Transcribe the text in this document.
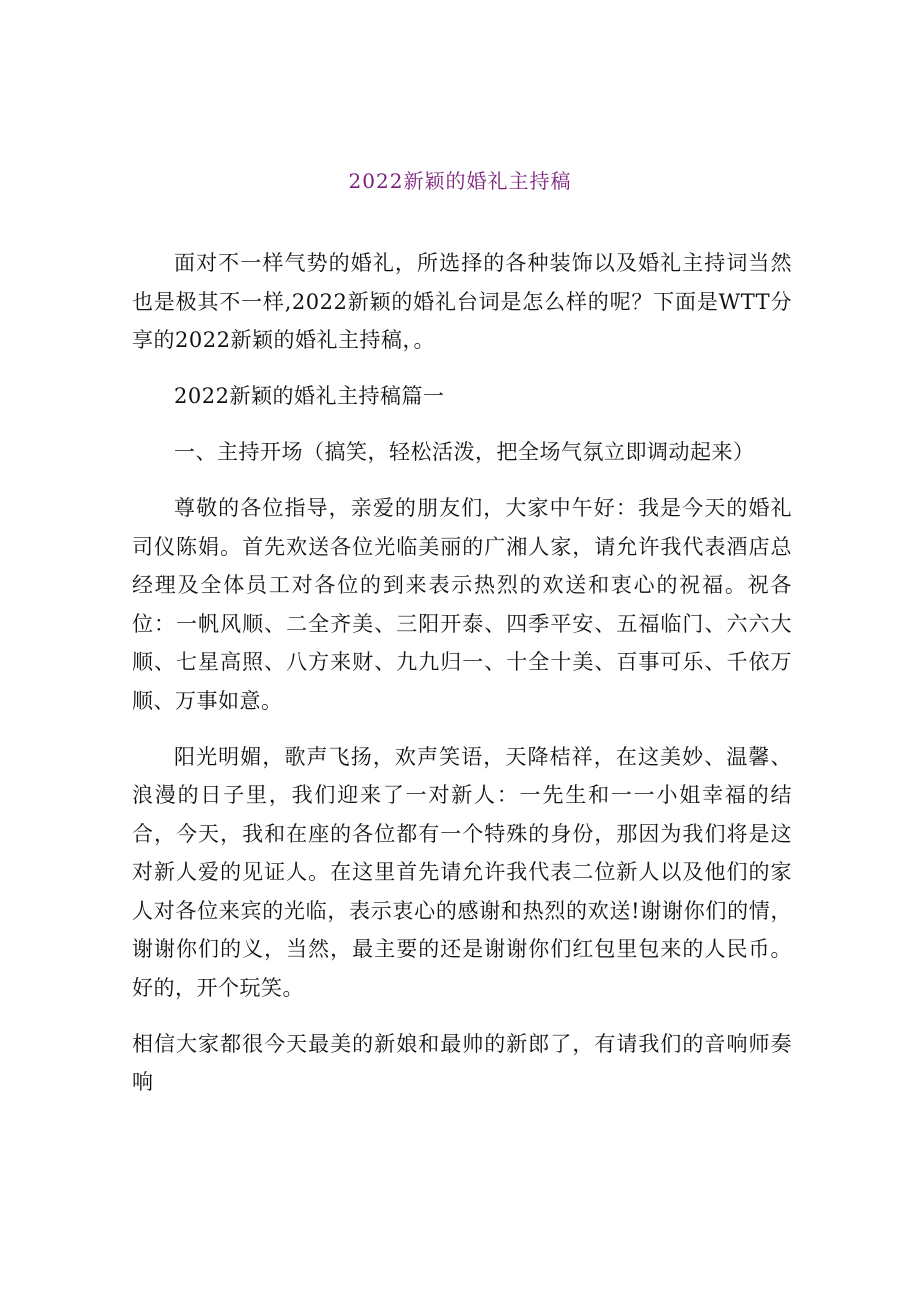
2022新颖的婚礼主持稿

面对不一样气势的婚礼，所选择的各种装饰以及婚礼主持词当然也是极其不一样,2022新颖的婚礼台词是怎么样的呢？下面是WTT分享的2022新颖的婚礼主持稿，。

2022新颖的婚礼主持稿篇一

一、主持开场（搞笑，轻松活泼，把全场气氛立即调动起来）

尊敬的各位指导，亲爱的朋友们，大家中午好：我是今天的婚礼司仪陈娟。首先欢送各位光临美丽的广湘人家，请允许我代表酒店总经理及全体员工对各位的到来表示热烈的欢送和衷心的祝福。祝各位：一帆风顺、二全齐美、三阳开泰、四季平安、五福临门、六六大顺、七星高照、八方来财、九九归一、十全十美、百事可乐、千依万顺、万事如意。

阳光明媚，歌声飞扬，欢声笑语，天降桔祥，在这美妙、温馨、浪漫的日子里，我们迎来了一对新人：一先生和一一小姐幸福的结合，今天，我和在座的各位都有一个特殊的身份，那因为我们将是这对新人爱的见证人。在这里首先请允许我代表二位新人以及他们的家人对各位来宾的光临，表示衷心的感谢和热烈的欢送!谢谢你们的情，谢谢你们的义，当然，最主要的还是谢谢你们红包里包来的人民币。好的，开个玩笑。

相信大家都很今天最美的新娘和最帅的新郎了，有请我们的音响师奏响
